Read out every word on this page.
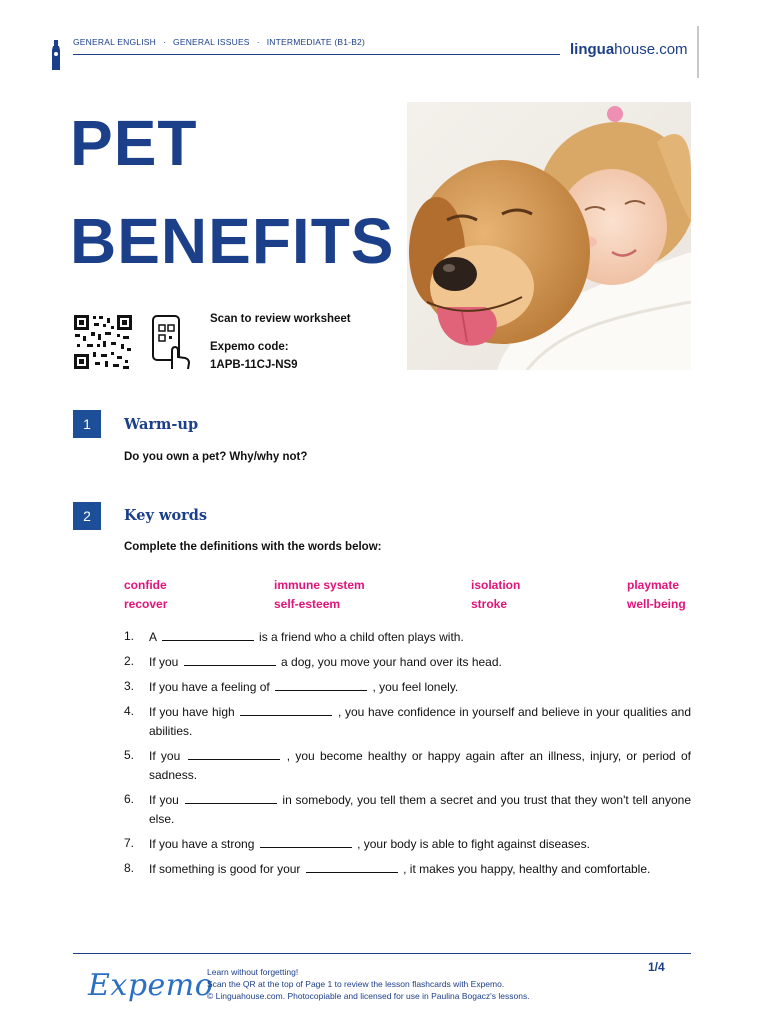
GENERAL ENGLISH · GENERAL ISSUES · INTERMEDIATE (B1-B2)	linguahouse.com
PET
BENEFITS
Scan to review worksheet
Expemo code:
1APB-11CJ-NS9
1	Warm-up
Do you own a pet? Why/why not?
2	Key words
Complete the definitions with the words below:
confide	immune system	isolation	playmate
recover	self-esteem	stroke	well-being
1. A	is a friend who a child often plays with.
2. If you	a dog, you move your hand over its head.
3. If you have a feeling of	, you feel lonely.
4. If you have high	, you have confidence in yourself and believe in your qualities and abilities.
5. If you	, you become healthy or happy again after an illness, injury, or period of sadness.
6. If you	in somebody, you tell them a secret and you trust that they won't tell anyone else.
7. If you have a strong	, your body is able to fight against diseases.
8. If something is good for your	, it makes you happy, healthy and comfortable.
Expemo
Learn without forgetting!
Scan the QR at the top of Page 1 to review the lesson flashcards with Expemo.
© Linguahouse.com. Photocopiable and licensed for use in Paulina Bogacz's lessons.
1/4
